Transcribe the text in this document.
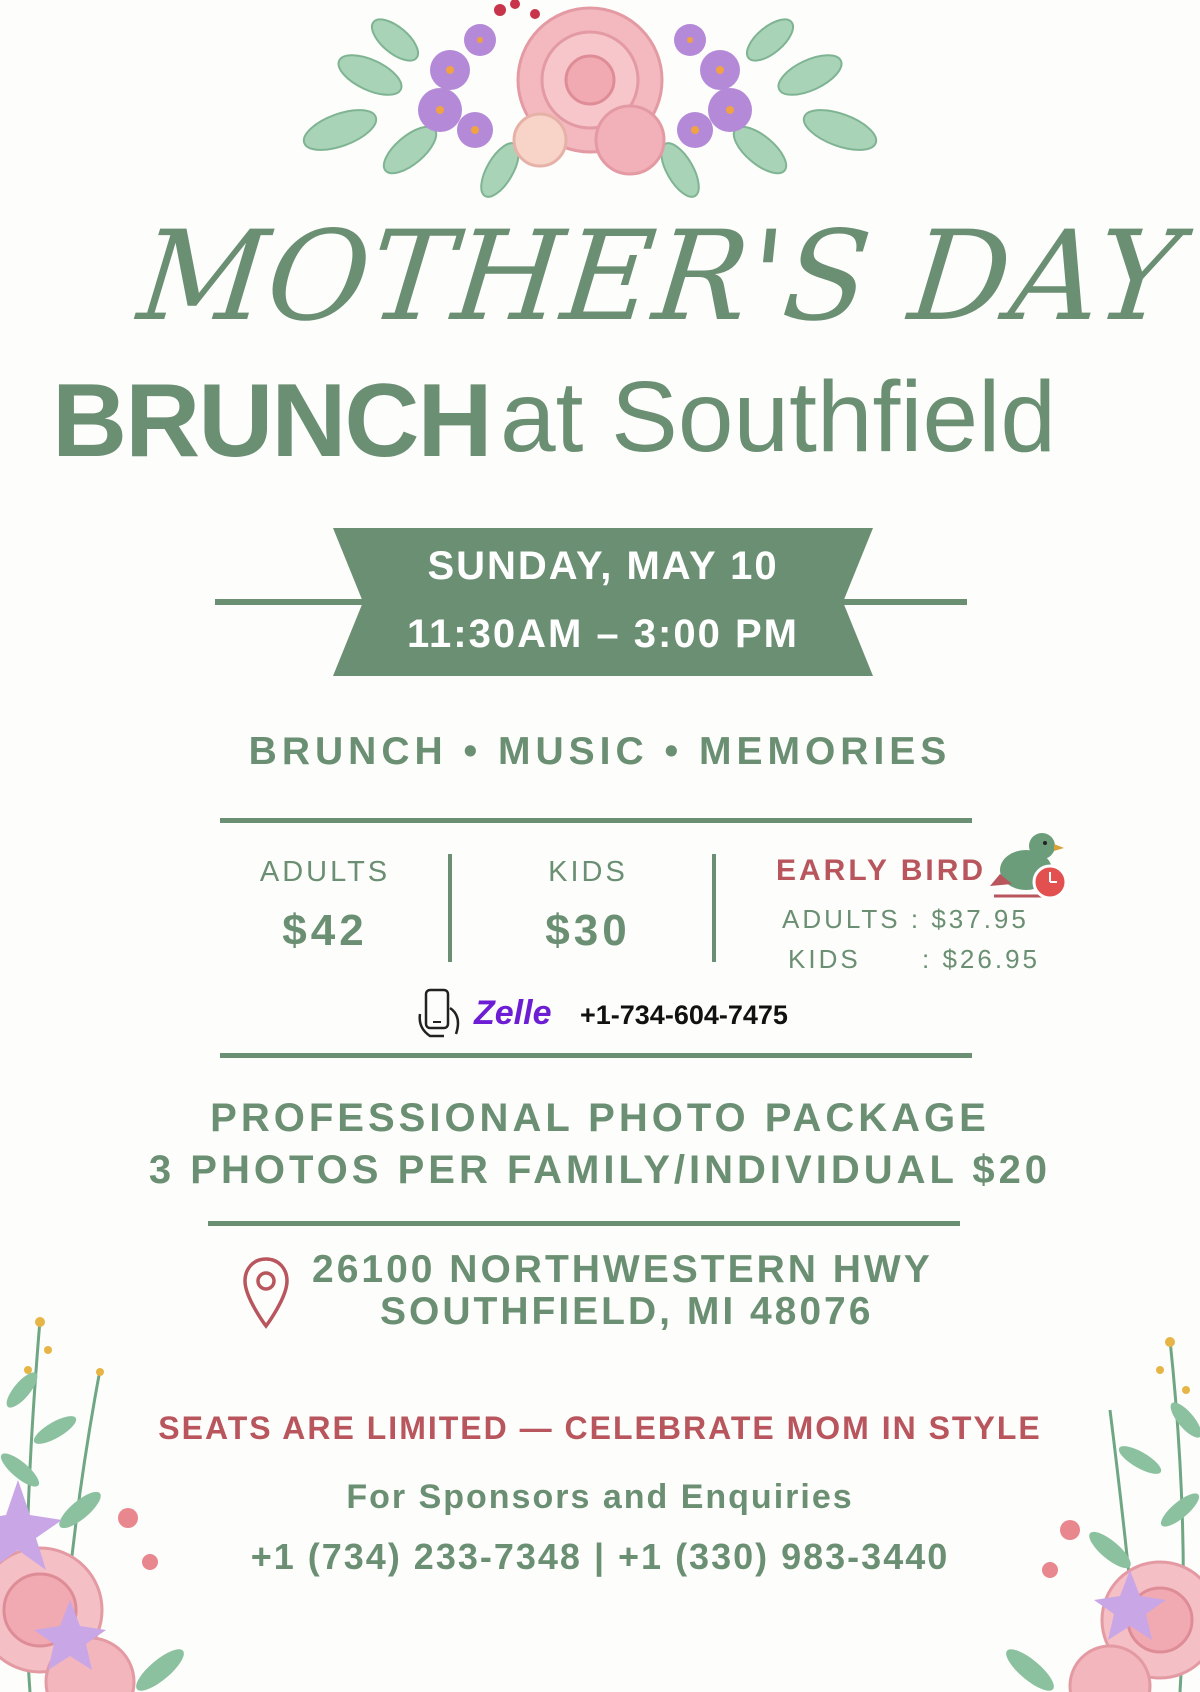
MOTHER'S DAY
BRUNCH at Southfield
SUNDAY, MAY 10
11:30AM – 3:00 PM
BRUNCH • MUSIC • MEMORIES
ADULTS
$42
KIDS
$30
EARLY BIRD
ADULTS : $37.95
KIDS      : $26.95
Zelle +1-734-604-7475
PROFESSIONAL PHOTO PACKAGE
3 PHOTOS PER FAMILY/INDIVIDUAL $20
26100 NORTHWESTERN HWY
SOUTHFIELD, MI 48076
SEATS ARE LIMITED — CELEBRATE MOM IN STYLE
For Sponsors and Enquiries
+1 (734) 233-7348 | +1 (330) 983-3440
